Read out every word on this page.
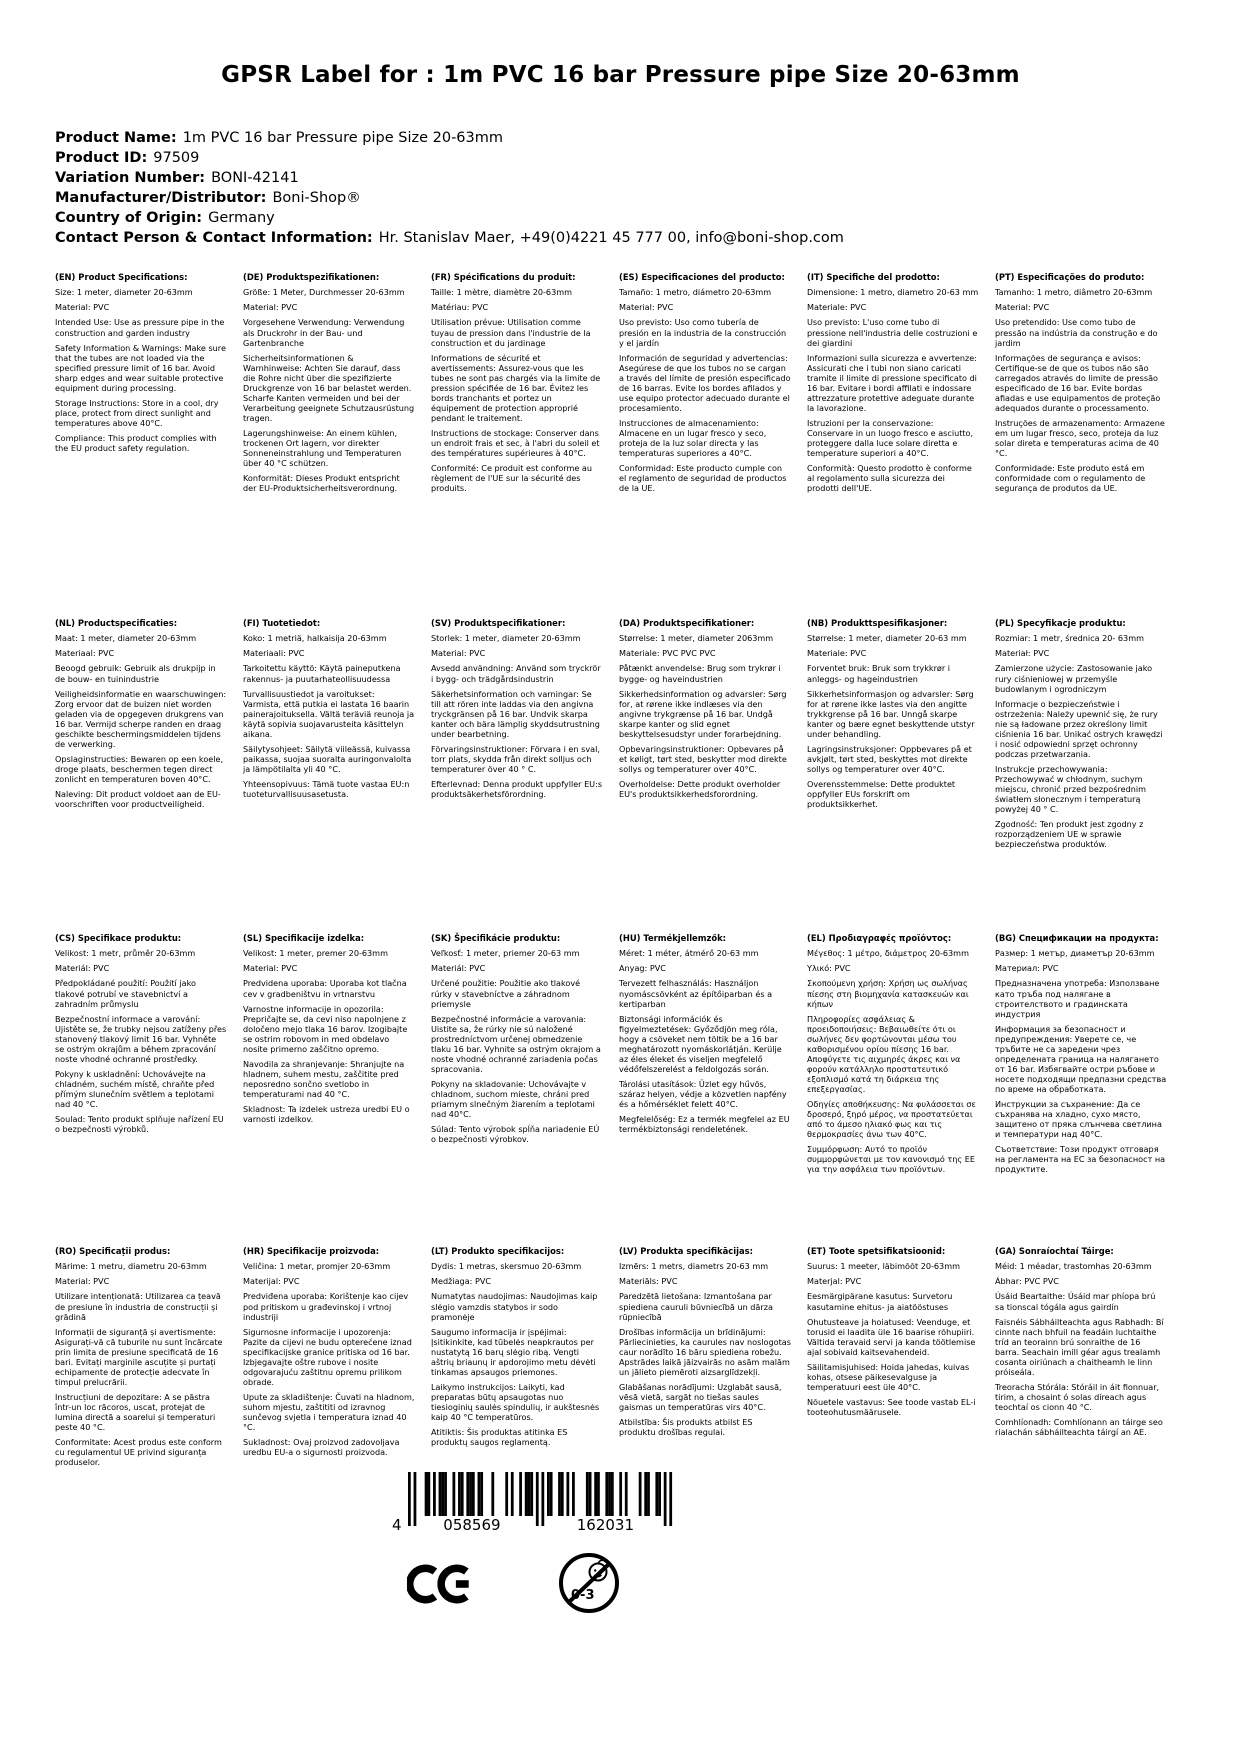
GPSR Label for : 1m PVC 16 bar Pressure pipe Size 20-63mm
Product Name: 1m PVC 16 bar Pressure pipe Size 20-63mm
Product ID: 97509
Variation Number: BONI-42141
Manufacturer/Distributor: Boni-Shop®
Country of Origin: Germany
Contact Person & Contact Information: Hr. Stanislav Maer, +49(0)4221 45 777 00, info@boni-shop.com

(EN) Product Specifications:

Size: 1 meter, diameter 20-63mm

Material: PVC

Intended Use: Use as pressure pipe in the construction and garden industry

Safety Information & Warnings: Make sure that the tubes are not loaded via the specified pressure limit of 16 bar. Avoid sharp edges and wear suitable protective equipment during processing.

Storage Instructions: Store in a cool, dry place, protect from direct sunlight and temperatures above 40°C.

Compliance: This product complies with the EU product safety regulation.

(DE) Produktspezifikationen:

Größe: 1 Meter, Durchmesser 20-63mm

Material: PVC

Vorgesehene Verwendung: Verwendung als Druckrohr in der Bau- und Gartenbranche

Sicherheitsinformationen & Warnhinweise: Achten Sie darauf, dass die Rohre nicht über die spezifizierte Druckgrenze von 16 bar belastet werden. Scharfe Kanten vermeiden und bei der Verarbeitung geeignete Schutzausrüstung tragen.

Lagerungshinweise: An einem kühlen, trockenen Ort lagern, vor direkter Sonneneinstrahlung und Temperaturen über 40 °C schützen.

Konformität: Dieses Produkt entspricht der EU-Produktsicherheitsverordnung.

(FR) Spécifications du produit:

Taille: 1 mètre, diamètre 20-63mm

Matériau: PVC

Utilisation prévue: Utilisation comme tuyau de pression dans l'industrie de la construction et du jardinage

Informations de sécurité et avertissements: Assurez-vous que les tubes ne sont pas chargés via la limite de pression spécifiée de 16 bar. Évitez les bords tranchants et portez un équipement de protection approprié pendant le traitement.

Instructions de stockage: Conserver dans un endroit frais et sec, à l'abri du soleil et des températures supérieures à 40°C.

Conformité: Ce produit est conforme au règlement de l'UE sur la sécurité des produits.

(ES) Especificaciones del producto:

Tamaño: 1 metro, diámetro 20-63mm

Material: PVC

Uso previsto: Uso como tubería de presión en la industria de la construcción y el jardín

Información de seguridad y advertencias: Asegúrese de que los tubos no se cargan a través del límite de presión especificado de 16 barras. Evite los bordes afilados y use equipo protector adecuado durante el procesamiento.

Instrucciones de almacenamiento: Almacene en un lugar fresco y seco, proteja de la luz solar directa y las temperaturas superiores a 40°C.

Conformidad: Este producto cumple con el reglamento de seguridad de productos de la UE.

(IT) Specifiche del prodotto:

Dimensione: 1 metro, diametro 20-63 mm

Materiale: PVC

Uso previsto: L'uso come tubo di pressione nell'industria delle costruzioni e dei giardini

Informazioni sulla sicurezza e avvertenze: Assicurati che i tubi non siano caricati tramite il limite di pressione specificato di 16 bar. Evitare i bordi affilati e indossare attrezzature protettive adeguate durante la lavorazione.

Istruzioni per la conservazione: Conservare in un luogo fresco e asciutto, proteggere dalla luce solare diretta e temperature superiori a 40°C.

Conformità: Questo prodotto è conforme al regolamento sulla sicurezza dei prodotti dell'UE.

(PT) Especificações do produto:

Tamanho: 1 metro, diâmetro 20-63mm

Material: PVC

Uso pretendido: Use como tubo de pressão na indústria da construção e do jardim

Informações de segurança e avisos: Certifique-se de que os tubos não são carregados através do limite de pressão especificado de 16 bar. Evite bordas afiadas e use equipamentos de proteção adequados durante o processamento.

Instruções de armazenamento: Armazene em um lugar fresco, seco, proteja da luz solar direta e temperaturas acima de 40 °C.

Conformidade: Este produto está em conformidade com o regulamento de segurança de produtos da UE.

(NL) Productspecificaties:

Maat: 1 meter, diameter 20-63mm

Materiaal: PVC

Beoogd gebruik: Gebruik als drukpijp in de bouw- en tuinindustrie

Veiligheidsinformatie en waarschuwingen: Zorg ervoor dat de buizen niet worden geladen via de opgegeven drukgrens van 16 bar. Vermijd scherpe randen en draag geschikte beschermingsmiddelen tijdens de verwerking.

Opslaginstructies: Bewaren op een koele, droge plaats, beschermen tegen direct zonlicht en temperaturen boven 40°C.

Naleving: Dit product voldoet aan de EU-voorschriften voor productveiligheid.

(FI) Tuotetiedot:

Koko: 1 metriä, halkaisija 20-63mm

Materiaali: PVC

Tarkoitettu käyttö: Käytä paineputkena rakennus- ja puutarhateollisuudessa

Turvallisuustiedot ja varoitukset: Varmista, että putkia ei lastata 16 baarin painerajoituksella. Vältä teräviä reunoja ja käytä sopivia suojavarusteita käsittelyn aikana.

Säilytysohjeet: Säilytä viileässä, kuivassa paikassa, suojaa suoralta auringonvalolta ja lämpötilalta yli 40 °C.

Yhteensopivuus: Tämä tuote vastaa EU:n tuoteturvallisuusasetusta.

(SV) Produktspecifikationer:

Storlek: 1 meter, diameter 20-63mm

Material: PVC

Avsedd användning: Använd som tryckrör i bygg- och trädgårdsindustrin

Säkerhetsinformation och varningar: Se till att rören inte laddas via den angivna tryckgränsen på 16 bar. Undvik skarpa kanter och bära lämplig skyddsutrustning under bearbetning.

Förvaringsinstruktioner: Förvara i en sval, torr plats, skydda från direkt solljus och temperaturer över 40 ° C.

Efterlevnad: Denna produkt uppfyller EU:s produktsäkerhetsförordning.

(DA) Produktspecifikationer:

Størrelse: 1 meter, diameter 2063mm

Materiale: PVC PVC PVC

Påtænkt anvendelse: Brug som trykrør i bygge- og haveindustrien

Sikkerhedsinformation og advarsler: Sørg for, at rørene ikke indlæses via den angivne trykgrænse på 16 bar. Undgå skarpe kanter og slid egnet beskyttelsesudstyr under forarbejdning.

Opbevaringsinstruktioner: Opbevares på et køligt, tørt sted, beskytter mod direkte sollys og temperaturer over 40°C.

Overholdelse: Dette produkt overholder EU's produktsikkerhedsforordning.

(NB) Produkttspesifikasjoner:

Størrelse: 1 meter, diameter 20-63 mm

Materiale: PVC

Forventet bruk: Bruk som trykkrør i anleggs- og hageindustrien

Sikkerhetsinformasjon og advarsler: Sørg for at rørene ikke lastes via den angitte trykkgrense på 16 bar. Unngå skarpe kanter og bære egnet beskyttende utstyr under behandling.

Lagringsinstruksjoner: Oppbevares på et avkjølt, tørt sted, beskyttes mot direkte sollys og temperaturer over 40°C.

Overensstemmelse: Dette produktet oppfyller EUs forskrift om produktsikkerhet.

(PL) Specyfikacje produktu:

Rozmiar: 1 metr, średnica 20- 63mm

Materiał: PVC

Zamierzone użycie: Zastosowanie jako rury ciśnieniowej w przemyśle budowlanym i ogrodniczym

Informacje o bezpieczeństwie i ostrzeżenia: Należy upewnić się, że rury nie są ładowane przez określony limit ciśnienia 16 bar. Unikać ostrych krawędzi i nosić odpowiedni sprzęt ochronny podczas przetwarzania.

Instrukcje przechowywania: Przechowywać w chłodnym, suchym miejscu, chronić przed bezpośrednim światłem słonecznym i temperaturą powyżej 40 ° C.

Zgodność: Ten produkt jest zgodny z rozporządzeniem UE w sprawie bezpieczeństwa produktów.

(CS) Specifikace produktu:

Velikost: 1 metr, průměr 20-63mm

Materiál: PVC

Předpokládané použití: Použití jako tlakové potrubí ve stavebnictví a zahradním průmyslu

Bezpečnostní informace a varování: Ujistěte se, že trubky nejsou zatíženy přes stanovený tlakový limit 16 bar. Vyhněte se ostrým okrajům a během zpracování noste vhodné ochranné prostředky.

Pokyny k uskladnění: Uchovávejte na chladném, suchém místě, chraňte před přímým slunečním světlem a teplotami nad 40 °C.

Soulad: Tento produkt splňuje nařízení EU o bezpečnosti výrobků.

(SL) Specifikacije izdelka:

Velikost: 1 meter, premer 20-63mm

Material: PVC

Predvidena uporaba: Uporaba kot tlačna cev v gradbeništvu in vrtnarstvu

Varnostne informacije in opozorila: Prepričajte se, da cevi niso napolnjene z določeno mejo tlaka 16 barov. Izogibajte se ostrim robovom in med obdelavo nosite primerno zaščitno opremo.

Navodila za shranjevanje: Shranjujte na hladnem, suhem mestu, zaščitite pred neposredno sončno svetlobo in temperaturami nad 40 °C.

Skladnost: Ta izdelek ustreza uredbi EU o varnosti izdelkov.

(SK) Špecifikácie produktu:

Veľkosť: 1 meter, priemer 20-63 mm

Materiál: PVC

Určené použitie: Použitie ako tlakové rúrky v stavebníctve a záhradnom priemysle

Bezpečnostné informácie a varovania: Uistite sa, že rúrky nie sú naložené prostredníctvom určenej obmedzenie tlaku 16 bar. Vyhnite sa ostrým okrajom a noste vhodné ochranné zariadenia počas spracovania.

Pokyny na skladovanie: Uchovávajte v chladnom, suchom mieste, chráni pred priamym slnečným žiarením a teplotami nad 40°C.

Súlad: Tento výrobok spĺňa nariadenie EÚ o bezpečnosti výrobkov.

(HU) Termékjellemzők:

Méret: 1 méter, átmérő 20-63 mm

Anyag: PVC

Tervezett felhasználás: Használjon nyomáscsövként az építőiparban és a kertiparban

Biztonsági információk és figyelmeztetések: Győződjön meg róla, hogy a csöveket nem töltik be a 16 bar meghatározott nyomáskorlátján. Kerülje az éles éleket és viseljen megfelelő védőfelszerelést a feldolgozás során.

Tárolási utasítások: Üzlet egy hűvös, száraz helyen, védje a közvetlen napfény és a hőmérséklet felett 40°C.

Megfelelőség: Ez a termék megfelel az EU termékbiztonsági rendeletének.

(EL) Προδιαγραφές προϊόντος:

Μέγεθος: 1 μέτρο, διάμετρος 20-63mm

Υλικό: PVC

Σκοπούμενη χρήση: Χρήση ως σωλήνας πίεσης στη βιομηχανία κατασκευών και κήπων

Πληροφορίες ασφάλειας & προειδοποιήσεις: Βεβαιωθείτε ότι οι σωλήνες δεν φορτώνονται μέσω του καθορισμένου ορίου πίεσης 16 bar. Αποφύγετε τις αιχμηρές άκρες και να φορούν κατάλληλο προστατευτικό εξοπλισμό κατά τη διάρκεια της επεξεργασίας.

Οδηγίες αποθήκευσης: Να φυλάσσεται σε δροσερό, ξηρό μέρος, να προστατεύεται από το άμεσο ηλιακό φως και τις θερμοκρασίες άνω των 40°C.

Συμμόρφωση: Αυτό το προϊόν συμμορφώνεται με τον κανονισμό της ΕΕ για την ασφάλεια των προϊόντων.

(BG) Спецификации на продукта:

Размер: 1 метър, диаметър 20-63mm

Материал: PVC

Предназначена употреба: Използване като тръба под налягане в строителството и градинската индустрия

Информация за безопасност и предупреждения: Уверете се, че тръбите не са заредени чрез определената граница на налягането от 16 bar. Избягвайте остри ръбове и носете подходящи предпазни средства по време на обработката.

Инструкции за съхранение: Да се съхранява на хладно, сухо място, защитено от пряка слънчева светлина и температури над 40°C.

Съответствие: Този продукт отговаря на регламента на ЕС за безопасност на продуктите.

(RO) Specificații produs:

Mărime: 1 metru, diametru 20-63mm

Material: PVC

Utilizare intenționată: Utilizarea ca țeavă de presiune în industria de construcții și grădină

Informații de siguranță și avertismente: Asigurați-vă că tuburile nu sunt încărcate prin limita de presiune specificată de 16 bari. Evitați marginile ascuțite și purtați echipamente de protecție adecvate în timpul prelucrării.

Instrucțiuni de depozitare: A se păstra într-un loc răcoros, uscat, protejat de lumina directă a soarelui și temperaturi peste 40 °C.

Conformitate: Acest produs este conform cu regulamentul UE privind siguranța produselor.

(HR) Specifikacije proizvoda:

Veličina: 1 metar, promjer 20-63mm

Materijal: PVC

Predviđena uporaba: Korištenje kao cijev pod pritiskom u građevinskoj i vrtnoj industriji

Sigurnosne informacije i upozorenja: Pazite da cijevi ne budu opterećene iznad specifikacijske granice pritiska od 16 bar. Izbjegavajte oštre rubove i nosite odgovarajuću zaštitnu opremu prilikom obrade.

Upute za skladištenje: Čuvati na hladnom, suhom mjestu, zaštititi od izravnog sunčevog svjetla i temperatura iznad 40 °C.

Sukladnost: Ovaj proizvod zadovoljava uredbu EU-a o sigurnosti proizvoda.

(LT) Produkto specifikacijos:

Dydis: 1 metras, skersmuo 20-63mm

Medžiaga: PVC

Numatytas naudojimas: Naudojimas kaip slėgio vamzdis statybos ir sodo pramonėje

Saugumo informacija ir įspėjimai: Įsitikinkite, kad tūbelės neapkrautos per nustatytą 16 barų slėgio ribą. Vengti aštrių briaunų ir apdorojimo metu dėvėti tinkamas apsaugos priemones.

Laikymo instrukcijos: Laikyti, kad preparatas būtų apsaugotas nuo tiesioginių saulės spindulių, ir aukštesnės kaip 40 °C temperatūros.

Atitiktis: Šis produktas atitinka ES produktų saugos reglamentą.

(LV) Produkta specifikācijas:

Izmērs: 1 metrs, diametrs 20-63 mm

Materiāls: PVC

Paredzētā lietošana: Izmantošana par spiediena cauruli būvniecībā un dārza rūpniecībā

Drošības informācija un brīdinājumi: Pārliecinieties, ka caurules nav noslogotas caur norādīto 16 bāru spiediena robežu. Apstrādes laikā jāizvairās no asām malām un jālieto piemēroti aizsarglīdzekļi.

Glabāšanas norādījumi: Uzglabāt sausā, vēsā vietā, sargāt no tiešas saules gaismas un temperatūras virs 40°C.

Atbilstība: Šis produkts atbilst ES produktu drošības regulai.

(ET) Toote spetsifikatsioonid:

Suurus: 1 meeter, läbimõõt 20-63mm

Materjal: PVC

Eesmärgipärane kasutus: Survetoru kasutamine ehitus- ja aiatööstuses

Ohutusteave ja hoiatused: Veenduge, et torusid ei laadita üle 16 baarise rõhupiiri. Vältida teravaid servi ja kanda töötlemise ajal sobivaid kaitsevahendeid.

Säilitamisjuhised: Hoida jahedas, kuivas kohas, otsese päikesevalguse ja temperatuuri eest üle 40°C.

Nõuetele vastavus: See toode vastab EL-i tooteohutusmäärusele.

(GA) Sonraíochtaí Táirge:

Méid: 1 méadar, trastomhas 20-63mm

Ábhar: PVC PVC

Úsáid Beartaithe: Úsáid mar phíopa brú sa tionscal tógála agus gairdín

Faisnéis Sábháilteachta agus Rabhadh: Bí cinnte nach bhfuil na feadáin luchtaithe tríd an teorainn brú sonraithe de 16 barra. Seachain imill géar agus trealamh cosanta oiriúnach a chaitheamh le linn próiseála.

Treoracha Stórála: Stóráil in áit fionnuar, tirim, a chosaint ó solas díreach agus teochtaí os cionn 40 °C.

Comhlíonadh: Comhlíonann an táirge seo rialachán sábháilteachta táirgí an AE.

4	058569	162031
0-3
